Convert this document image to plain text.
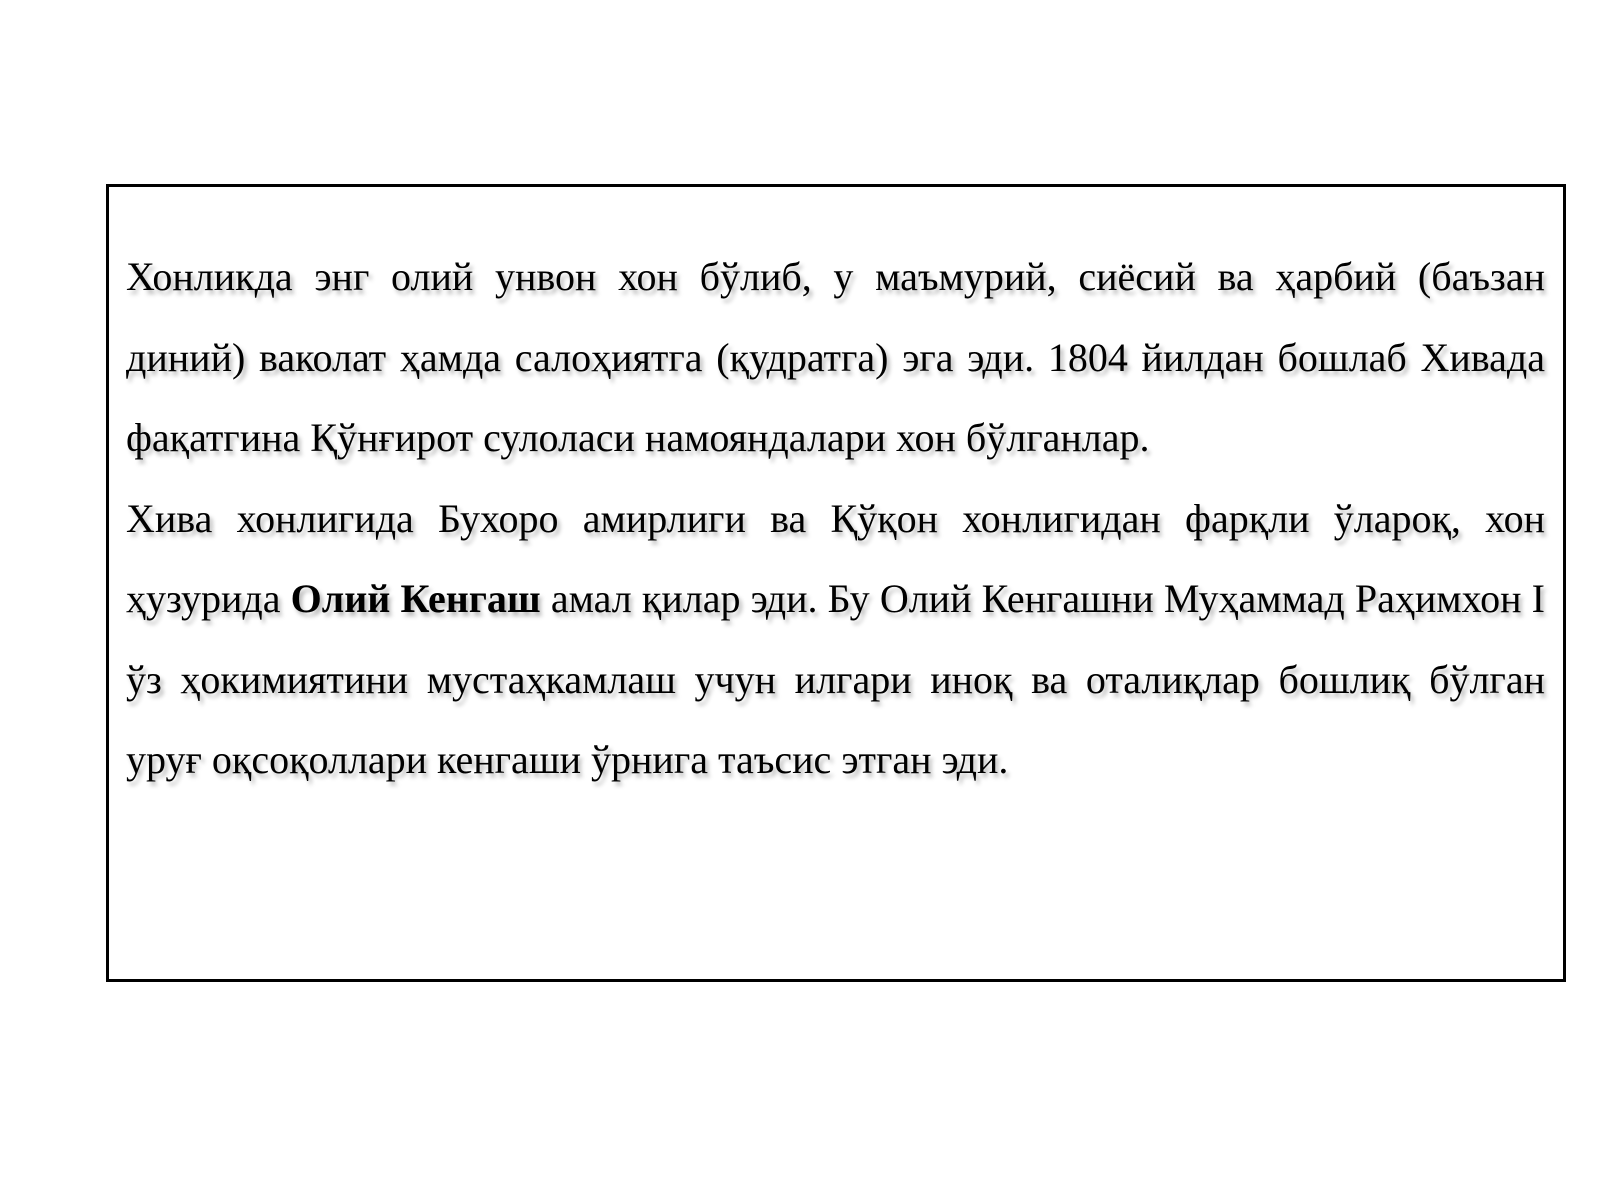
Хонликда энг олий унвон хон бўлиб, у маъмурий, сиёсий ва ҳарбий (баъзан диний) ваколат ҳамда салоҳиятга (қудратга) эга эди. 1804 йилдан бошлаб Хивада фақатгина Қўнғирот сулоласи намояндалари хон бўлганлар.

Хива хонлигида Бухоро амирлиги ва Қўқон хонлигидан фарқли ўлароқ, хон ҳузурида Олий Кенгаш амал қилар эди. Бу Олий Кенгашни Муҳаммад Раҳимхон I ўз ҳокимиятини мустаҳкамлаш учун илгари иноқ ва оталиқлар бошлиқ бўлган уруғ оқсоқоллари кенгаши ўрнига таъсис этган эди.
